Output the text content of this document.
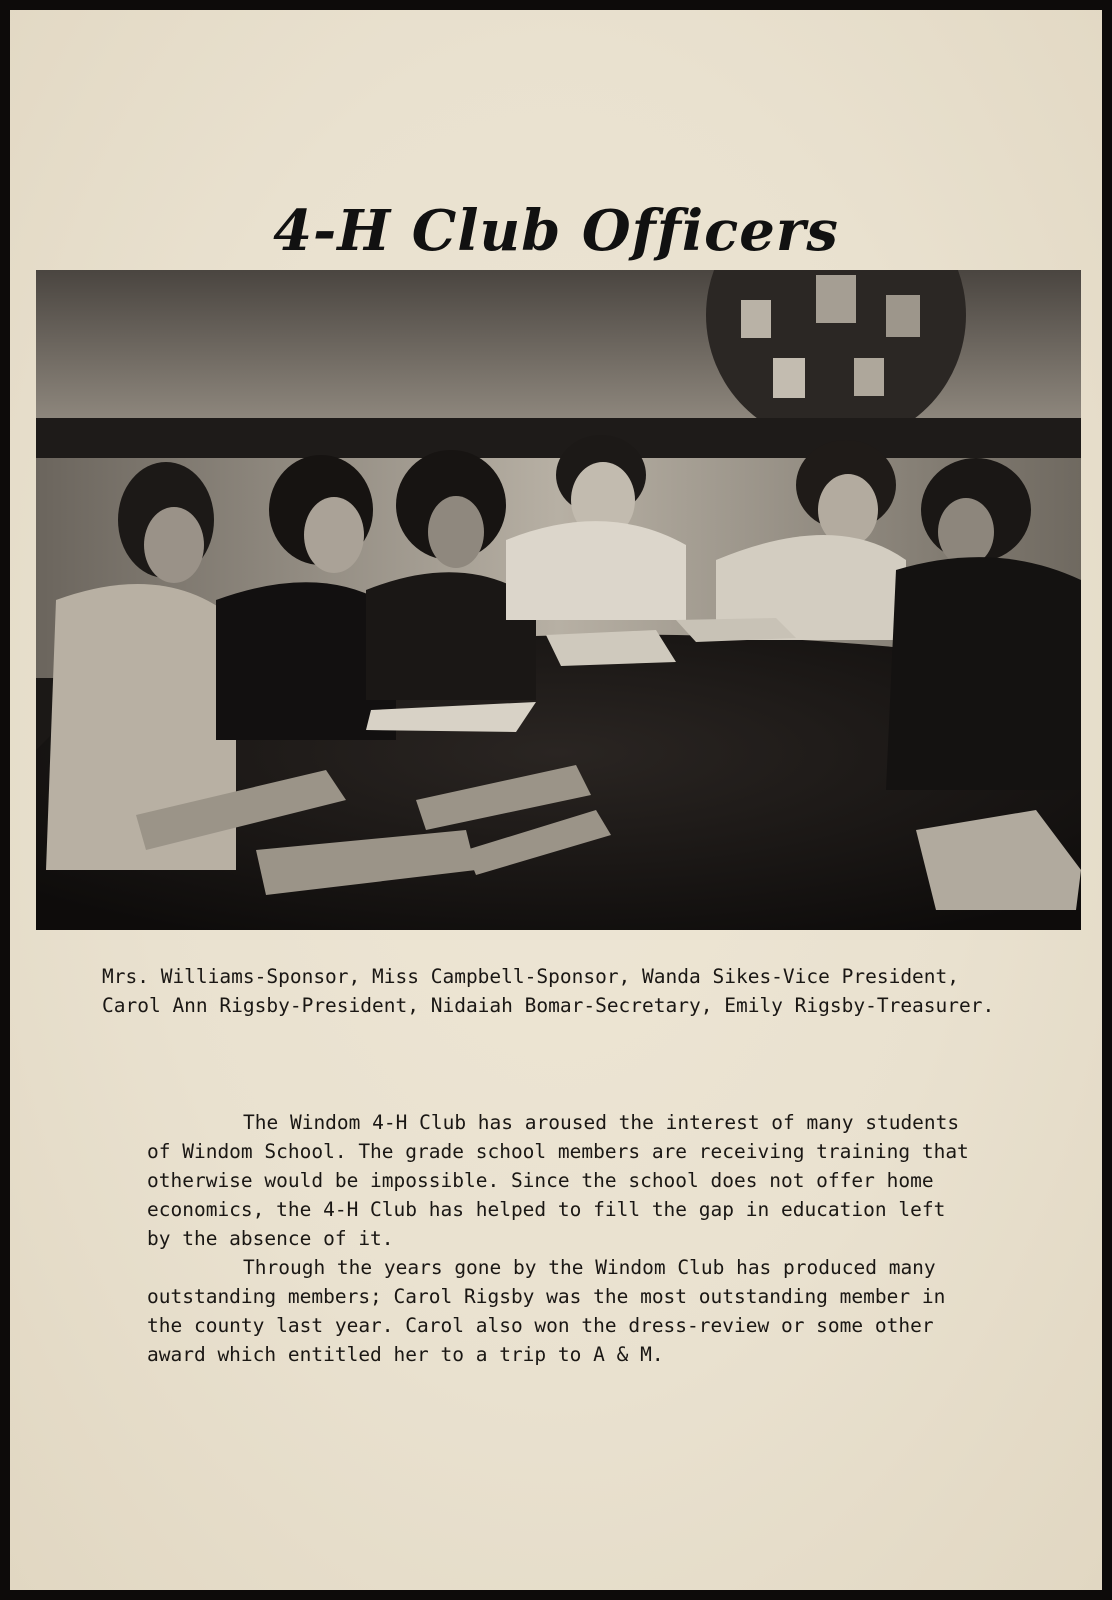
4-H Club Officers

Mrs. Williams-Sponsor, Miss Campbell-Sponsor, Wanda Sikes-Vice President, Carol Ann Rigsby-President, Nidaiah Bomar-Secretary, Emily Rigsby-Treasurer.

The Windom 4-H Club has aroused the interest of many students of Windom School. The grade school members are receiving training that otherwise would be impossible. Since the school does not offer home economics, the 4-H Club has helped to fill the gap in education left by the absence of it.

Through the years gone by the Windom Club has produced many outstanding members; Carol Rigsby was the most outstanding member in the county last year. Carol also won the dress-review or some other award which entitled her to a trip to A & M.
